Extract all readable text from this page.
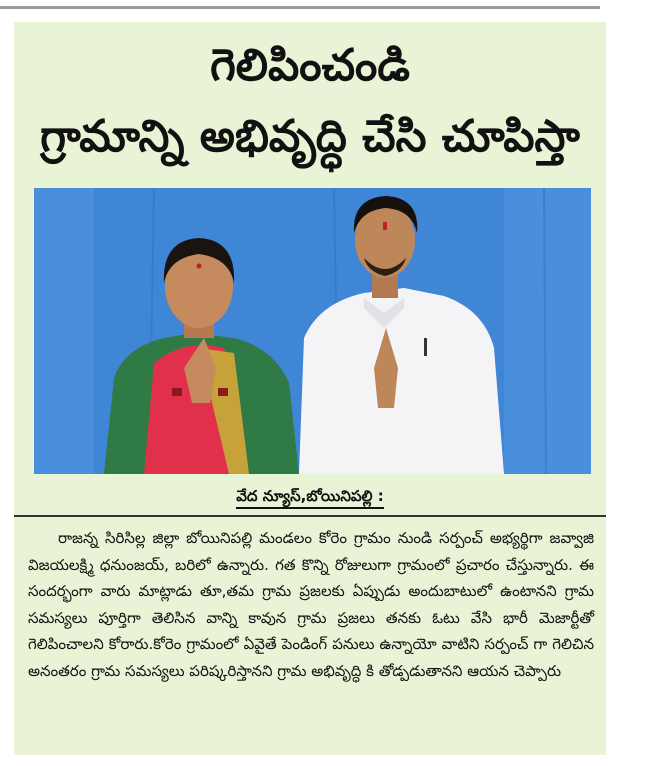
గెలిపించండి
గ్రామాన్ని అభివృద్ధి చేసి చూపిస్తా
వేద న్యూస్,బోయినిపల్లి :

రాజన్న సిరిసిల్ల జిల్లా బోయినిపల్లి మండలం కోరెం గ్రామం నుండి సర్పంచ్ అభ్యర్థిగా జవ్వాజి విజయలక్ష్మి ధనుంజయ్, బరిలో ఉన్నారు. గత కొన్ని రోజులుగా గ్రామంలో ప్రచారం చేస్తున్నారు. ఈ సందర్భంగా వారు మాట్లాడు తూ,తమ గ్రామ ప్రజలకు ఏప్పుడు అందుబాటులో ఉంటానని గ్రామ సమస్యలు పూర్తిగా తెలిసిన వాన్ని కావున గ్రామ ప్రజలు తనకు ఓటు వేసి భారీ మెజార్టీతో గెలిపించాలని కోరారు.కోరెం గ్రామంలో ఏవైతే పెండింగ్ పనులు ఉన్నాయో వాటిని సర్పంచ్ గా గెలిచిన అనంతరం గ్రామ సమస్యలు పరిష్కరిస్తానని గ్రామ అభివృద్ధి కి తోడ్పడుతానని ఆయన చెప్పారు
